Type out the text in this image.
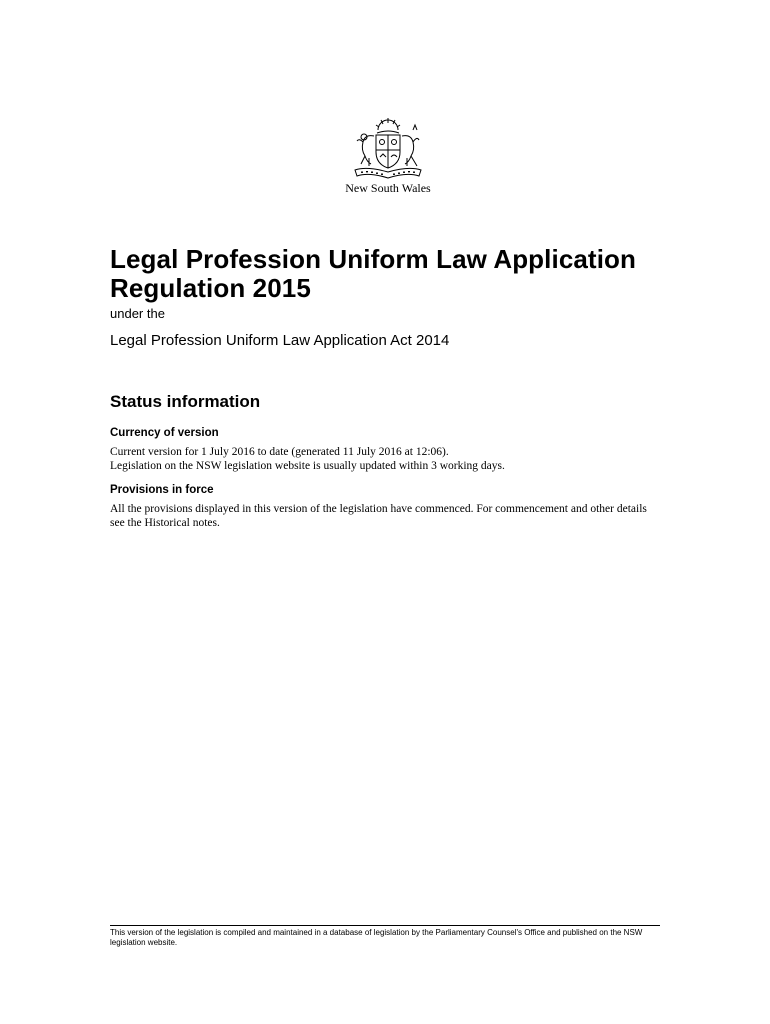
New South Wales
Legal Profession Uniform Law Application
Regulation 2015
under the
Legal Profession Uniform Law Application Act 2014
Status information
Currency of version

Current version for 1 July 2016 to date (generated 11 July 2016 at 12:06).

Legislation on the NSW legislation website is usually updated within 3 working days.

Provisions in force

All the provisions displayed in this version of the legislation have commenced. For commencement and other details see the Historical notes.

This version of the legislation is compiled and maintained in a database of legislation by the Parliamentary Counsel's Office and published on the NSW legislation website.
